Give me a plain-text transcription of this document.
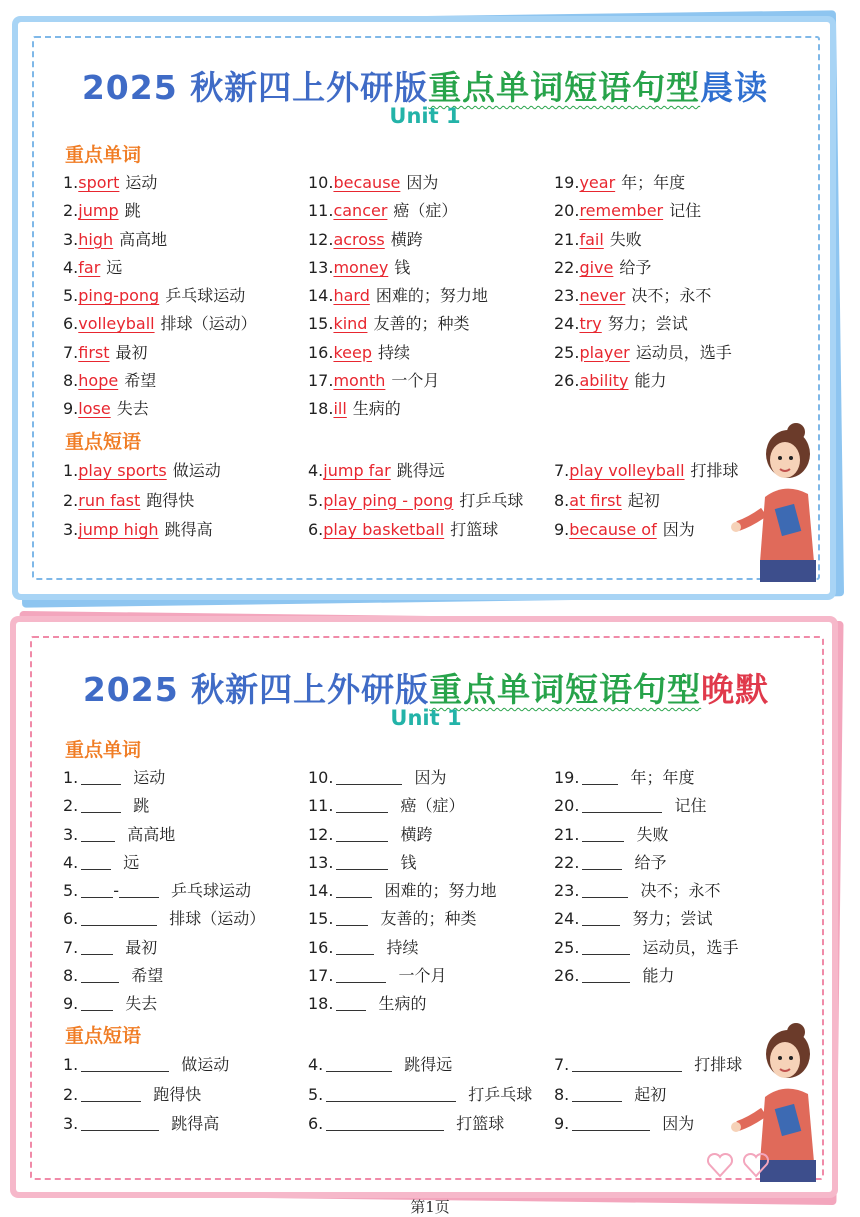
2025 秋新四上外研版重点单词短语句型晨读
Unit 1
重点单词
1.sport 运动
2.jump 跳
3.high 高高地
4.far 远
5.ping-pong 乒乓球运动
6.volleyball 排球（运动）
7.first 最初
8.hope 希望
9.lose 失去
10.because 因为
11.cancer 癌（症）
12.across 横跨
13.money 钱
14.hard 困难的；努力地
15.kind 友善的；种类
16.keep 持续
17.month 一个月
18.ill 生病的
19.year 年；年度
20.remember 记住
21.fail 失败
22.give 给予
23.never 决不；永不
24.try 努力；尝试
25.player 运动员，选手
26.ability 能力
重点短语
1.play sports 做运动
2.run fast 跑得快
3.jump high 跳得高
4.jump far 跳得远
5.play ping - pong 打乒乓球
6.play basketball 打篮球
7.play volleyball 打排球
8.at first 起初
9.because of 因为
2025 秋新四上外研版重点单词短语句型晚默
Unit 1
重点单词
1.	运动
2.	跳
3.	高高地
4.	远
5. -	乒乓球运动
6.	排球（运动）
7.	最初
8.	希望
9.	失去
10.	因为
11.	癌（症）
12.	横跨
13.	钱
14.	困难的；努力地
15.	友善的；种类
16.	持续
17.	一个月
18.	生病的
19.	年；年度
20.	记住
21.	失败
22.	给予
23.	决不；永不
24.	努力；尝试
25.	运动员，选手
26.	能力
重点短语
1.	做运动
2.	跑得快
3.	跳得高
4.	跳得远
5.	打乒乓球
6.	打篮球
7.	打排球
8.	起初
9.	因为
第1页
